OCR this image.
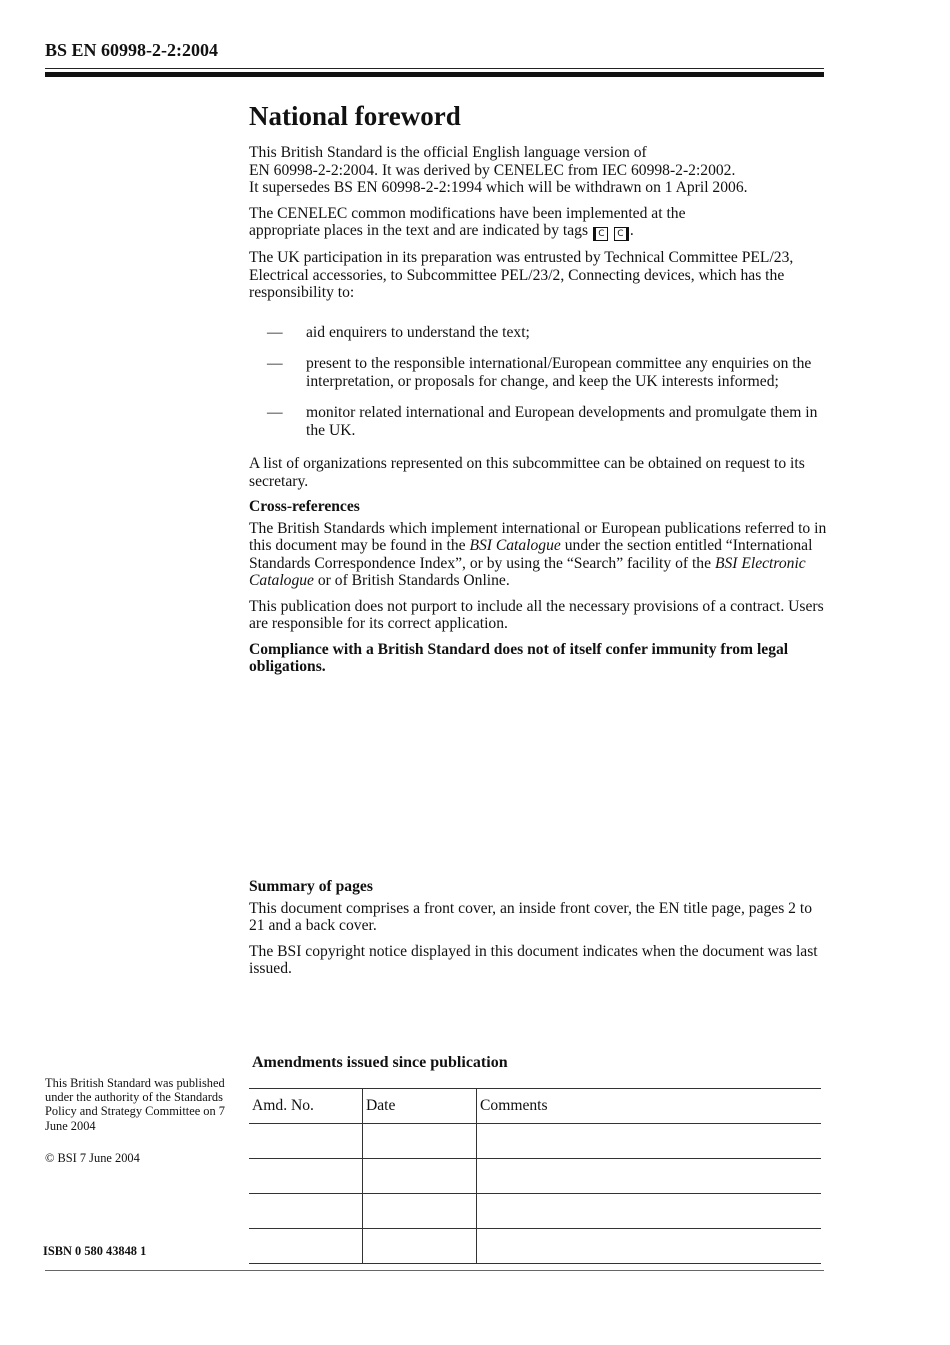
BS EN 60998-2-2:2004
National foreword

This British Standard is the official English language version of
EN 60998-2-2:2004. It was derived by CENELEC from IEC 60998-2-2:2002.
It supersedes BS EN 60998-2-2:1994 which will be withdrawn on 1 April 2006.

The CENELEC common modifications have been implemented at the
appropriate places in the text and are indicated by tags C C .

The UK participation in its preparation was entrusted by Technical Committee PEL/23, Electrical accessories, to Subcommittee PEL/23/2, Connecting devices, which has the responsibility to:

— aid enquirers to understand the text;
— present to the responsible international/European committee any enquiries on the interpretation, or proposals for change, and keep the UK interests informed;
— monitor related international and European developments and promulgate them in the UK.

A list of organizations represented on this subcommittee can be obtained on request to its secretary.

Cross-references

The British Standards which implement international or European publications referred to in this document may be found in the BSI Catalogue under the section entitled “International Standards Correspondence Index”, or by using the “Search” facility of the BSI Electronic Catalogue or of British Standards Online.

This publication does not purport to include all the necessary provisions of a contract. Users are responsible for its correct application.

Compliance with a British Standard does not of itself confer immunity from legal obligations.

Summary of pages

This document comprises a front cover, an inside front cover, the EN title page, pages 2 to 21 and a back cover.

The BSI copyright notice displayed in this document indicates when the document was last issued.

This British Standard was published under the authority of the Standards Policy and Strategy Committee on 7 June 2004

© BSI 7 June 2004

ISBN 0 580 43848 1
Amendments issued since publication
Amd. No.	Date	Comments
